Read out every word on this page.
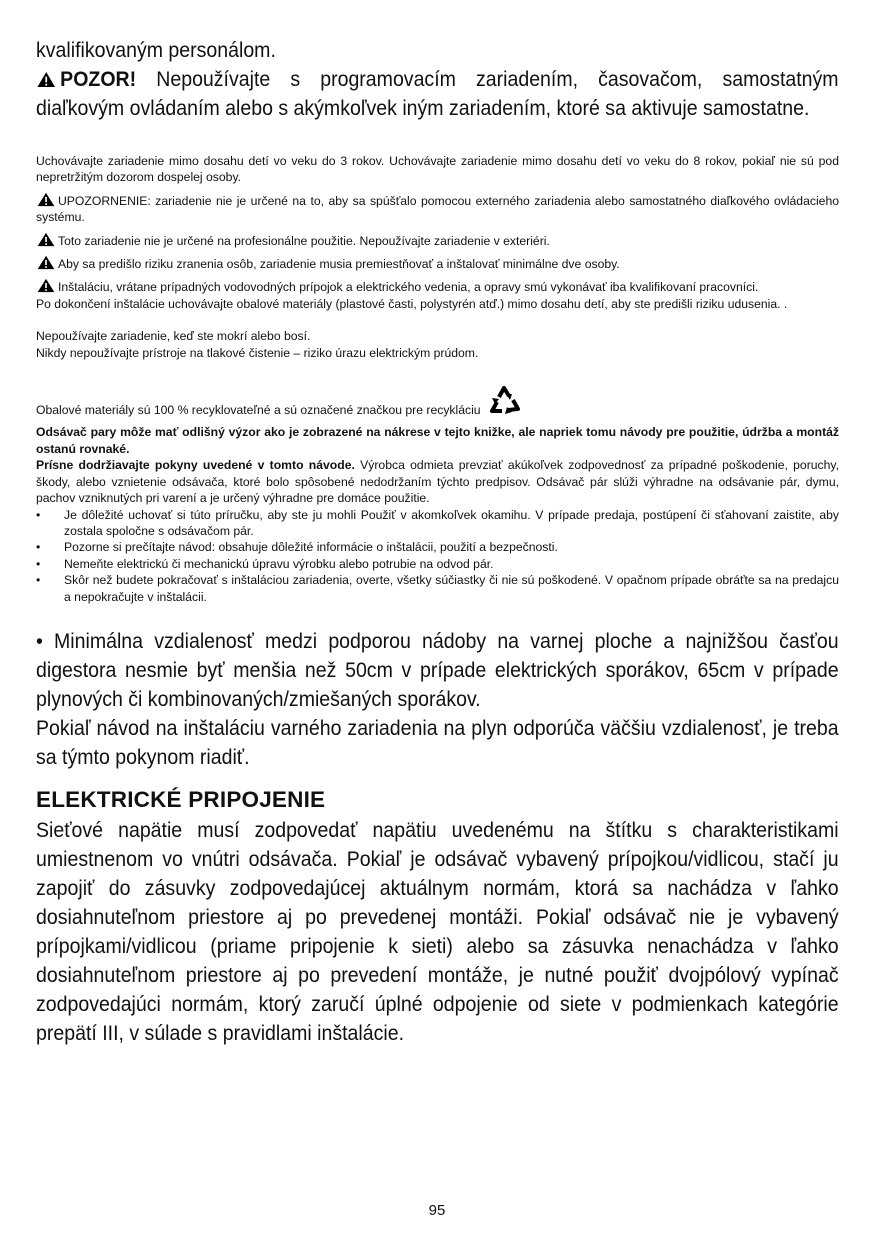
kvalifikovaným personálom.

POZOR! Nepoužívajte s programovacím zariadením, časovačom, samostatným diaľkovým ovládaním alebo s akýmkoľvek iným zariadením, ktoré sa aktivuje samostatne.

Uchovávajte zariadenie mimo dosahu detí vo veku do 3 rokov. Uchovávajte zariadenie mimo dosahu detí vo veku do 8 rokov, pokiaľ nie sú pod nepretržitým dozorom dospelej osoby.

UPOZORNENIE: zariadenie nie je určené na to, aby sa spúšťalo pomocou externého zariadenia alebo samostatného diaľkového ovládacieho systému.

Toto zariadenie nie je určené na profesionálne použitie. Nepoužívajte zariadenie v exteriéri.

Aby sa predišlo riziku zranenia osôb, zariadenie musia premiestňovať a inštalovať minimálne dve osoby.

Inštaláciu, vrátane prípadných vodovodných prípojok a elektrického vedenia, a opravy smú vykonávať iba kvalifikovaní pracovníci.

Po dokončení inštalácie uchovávajte obalové materiály (plastové časti, polystyrén atď.) mimo dosahu detí, aby ste predišli riziku udusenia. .

Nepoužívajte zariadenie, keď ste mokrí alebo bosí.

Nikdy nepoužívajte prístroje na tlakové čistenie – riziko úrazu elektrickým prúdom.

Obalové materiály sú 100 % recyklovateľné a sú označené značkou pre recykláciu

Odsávač pary môže mať odlišný výzor ako je zobrazené na nákrese v tejto knižke, ale napriek tomu návody pre použitie, údržba a montáž ostanú rovnaké.

Prísne dodržiavajte pokyny uvedené v tomto návode. Výrobca odmieta prevziať akúkoľvek zodpovednosť za prípadné poškodenie, poruchy, škody, alebo vznietenie odsávača, ktoré bolo spôsobené nedodržaním týchto predpisov. Odsávač pár slúži výhradne na odsávanie pár, dymu, pachov vzniknutých pri varení a je určený výhradne pre domáce použitie.

• Je dôležité uchovať si túto príručku, aby ste ju mohli Použiť v akomkoľvek okamihu. V prípade predaja, postúpení či sťahovaní zaistite, aby zostala spoločne s odsávačom pár.
• Pozorne si prečítajte návod: obsahuje dôležité informácie o inštalácii, použití a bezpečnosti.
• Nemeňte elektrickú či mechanickú úpravu výrobku alebo potrubie na odvod pár.
• Skôr než budete pokračovať s inštaláciou zariadenia, overte, všetky súčiastky či nie sú poškodené. V opačnom prípade obráťte sa na predajcu a nepokračujte v inštalácii.

• Minimálna vzdialenosť medzi podporou nádoby na varnej ploche a najnižšou časťou digestora nesmie byť menšia než 50cm v prípade elektrických sporákov, 65cm v prípade plynových či kombinovaných/zmiešaných sporákov.

Pokiaľ návod na inštaláciu varného zariadenia na plyn odporúča väčšiu vzdialenosť, je treba sa týmto pokynom riadiť.

ELEKTRICKÉ PRIPOJENIE

Sieťové napätie musí zodpovedať napätiu uvedenému na štítku s charakteristikami umiestnenom vo vnútri odsávača. Pokiaľ je odsávač vybavený prípojkou/vidlicou, stačí ju zapojiť do zásuvky zodpovedajúcej aktuálnym normám, ktorá sa nachádza v ľahko dosiahnuteľnom priestore aj po prevedenej montáži. Pokiaľ odsávač nie je vybavený prípojkami/vidlicou (priame pripojenie k sieti) alebo sa zásuvka nenachádza v ľahko dosiahnuteľnom priestore aj po prevedení montáže, je nutné použiť dvojpólový vypínač zodpovedajúci normám, ktorý zaručí úplné odpojenie od siete v podmienkach kategórie prepätí III, v súlade s pravidlami inštalácie.

95
